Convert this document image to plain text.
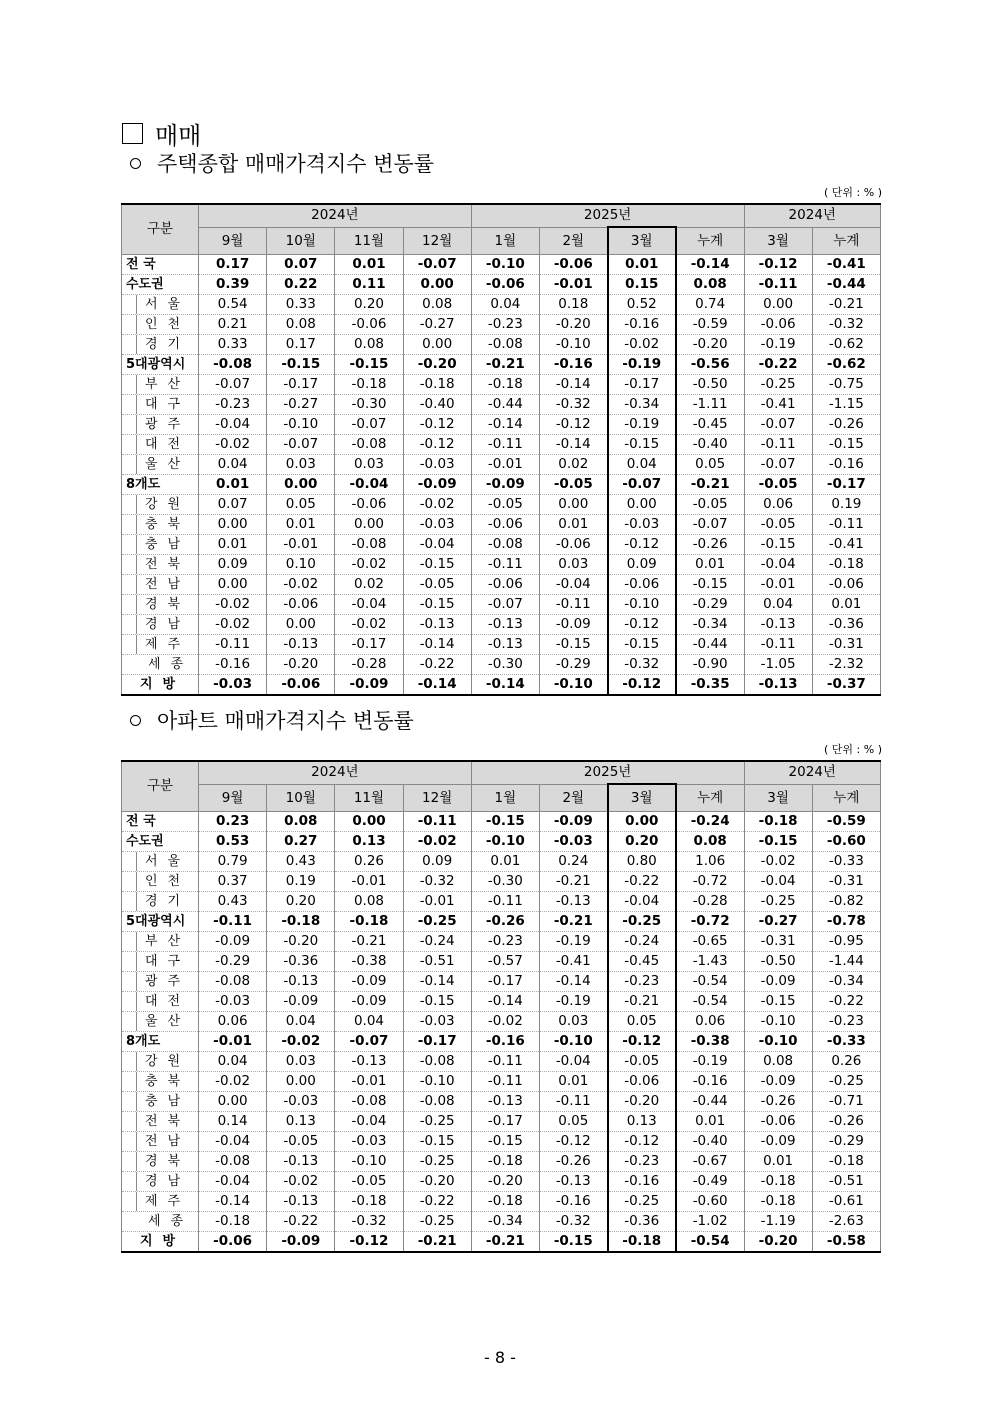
매매
주택종합 매매가격지수 변동률
( 단위 : % )
구분	2024년				2025년				2024년	
	9월	10월	11월	12월	1월	2월	3월	누계	3월	누계
전 국	0.17	0.07	0.01	-0.07	-0.10	-0.06	0.01	-0.14	-0.12	-0.41
수도권	0.39	0.22	0.11	0.00	-0.06	-0.01	0.15	0.08	-0.11	-0.44
서울	0.54	0.33	0.20	0.08	0.04	0.18	0.52	0.74	0.00	-0.21
인천	0.21	0.08	-0.06	-0.27	-0.23	-0.20	-0.16	-0.59	-0.06	-0.32
경기	0.33	0.17	0.08	0.00	-0.08	-0.10	-0.02	-0.20	-0.19	-0.62
5대광역시	-0.08	-0.15	-0.15	-0.20	-0.21	-0.16	-0.19	-0.56	-0.22	-0.62
부산	-0.07	-0.17	-0.18	-0.18	-0.18	-0.14	-0.17	-0.50	-0.25	-0.75
대구	-0.23	-0.27	-0.30	-0.40	-0.44	-0.32	-0.34	-1.11	-0.41	-1.15
광주	-0.04	-0.10	-0.07	-0.12	-0.14	-0.12	-0.19	-0.45	-0.07	-0.26
대전	-0.02	-0.07	-0.08	-0.12	-0.11	-0.14	-0.15	-0.40	-0.11	-0.15
울산	0.04	0.03	0.03	-0.03	-0.01	0.02	0.04	0.05	-0.07	-0.16
8개도	0.01	0.00	-0.04	-0.09	-0.09	-0.05	-0.07	-0.21	-0.05	-0.17
강원	0.07	0.05	-0.06	-0.02	-0.05	0.00	0.00	-0.05	0.06	0.19
충북	0.00	0.01	0.00	-0.03	-0.06	0.01	-0.03	-0.07	-0.05	-0.11
충남	0.01	-0.01	-0.08	-0.04	-0.08	-0.06	-0.12	-0.26	-0.15	-0.41
전북	0.09	0.10	-0.02	-0.15	-0.11	0.03	0.09	0.01	-0.04	-0.18
전남	0.00	-0.02	0.02	-0.05	-0.06	-0.04	-0.06	-0.15	-0.01	-0.06
경북	-0.02	-0.06	-0.04	-0.15	-0.07	-0.11	-0.10	-0.29	0.04	0.01
경남	-0.02	0.00	-0.02	-0.13	-0.13	-0.09	-0.12	-0.34	-0.13	-0.36
제주	-0.11	-0.13	-0.17	-0.14	-0.13	-0.15	-0.15	-0.44	-0.11	-0.31
세종	-0.16	-0.20	-0.28	-0.22	-0.30	-0.29	-0.32	-0.90	-1.05	-2.32
지방	-0.03	-0.06	-0.09	-0.14	-0.14	-0.10	-0.12	-0.35	-0.13	-0.37
아파트 매매가격지수 변동률
( 단위 : % )
구분	2024년				2025년				2024년	
	9월	10월	11월	12월	1월	2월	3월	누계	3월	누계
전 국	0.23	0.08	0.00	-0.11	-0.15	-0.09	0.00	-0.24	-0.18	-0.59
수도권	0.53	0.27	0.13	-0.02	-0.10	-0.03	0.20	0.08	-0.15	-0.60
서울	0.79	0.43	0.26	0.09	0.01	0.24	0.80	1.06	-0.02	-0.33
인천	0.37	0.19	-0.01	-0.32	-0.30	-0.21	-0.22	-0.72	-0.04	-0.31
경기	0.43	0.20	0.08	-0.01	-0.11	-0.13	-0.04	-0.28	-0.25	-0.82
5대광역시	-0.11	-0.18	-0.18	-0.25	-0.26	-0.21	-0.25	-0.72	-0.27	-0.78
부산	-0.09	-0.20	-0.21	-0.24	-0.23	-0.19	-0.24	-0.65	-0.31	-0.95
대구	-0.29	-0.36	-0.38	-0.51	-0.57	-0.41	-0.45	-1.43	-0.50	-1.44
광주	-0.08	-0.13	-0.09	-0.14	-0.17	-0.14	-0.23	-0.54	-0.09	-0.34
대전	-0.03	-0.09	-0.09	-0.15	-0.14	-0.19	-0.21	-0.54	-0.15	-0.22
울산	0.06	0.04	0.04	-0.03	-0.02	0.03	0.05	0.06	-0.10	-0.23
8개도	-0.01	-0.02	-0.07	-0.17	-0.16	-0.10	-0.12	-0.38	-0.10	-0.33
강원	0.04	0.03	-0.13	-0.08	-0.11	-0.04	-0.05	-0.19	0.08	0.26
충북	-0.02	0.00	-0.01	-0.10	-0.11	0.01	-0.06	-0.16	-0.09	-0.25
충남	0.00	-0.03	-0.08	-0.08	-0.13	-0.11	-0.20	-0.44	-0.26	-0.71
전북	0.14	0.13	-0.04	-0.25	-0.17	0.05	0.13	0.01	-0.06	-0.26
전남	-0.04	-0.05	-0.03	-0.15	-0.15	-0.12	-0.12	-0.40	-0.09	-0.29
경북	-0.08	-0.13	-0.10	-0.25	-0.18	-0.26	-0.23	-0.67	0.01	-0.18
경남	-0.04	-0.02	-0.05	-0.20	-0.20	-0.13	-0.16	-0.49	-0.18	-0.51
제주	-0.14	-0.13	-0.18	-0.22	-0.18	-0.16	-0.25	-0.60	-0.18	-0.61
세종	-0.18	-0.22	-0.32	-0.25	-0.34	-0.32	-0.36	-1.02	-1.19	-2.63
지방	-0.06	-0.09	-0.12	-0.21	-0.21	-0.15	-0.18	-0.54	-0.20	-0.58
- 8 -
